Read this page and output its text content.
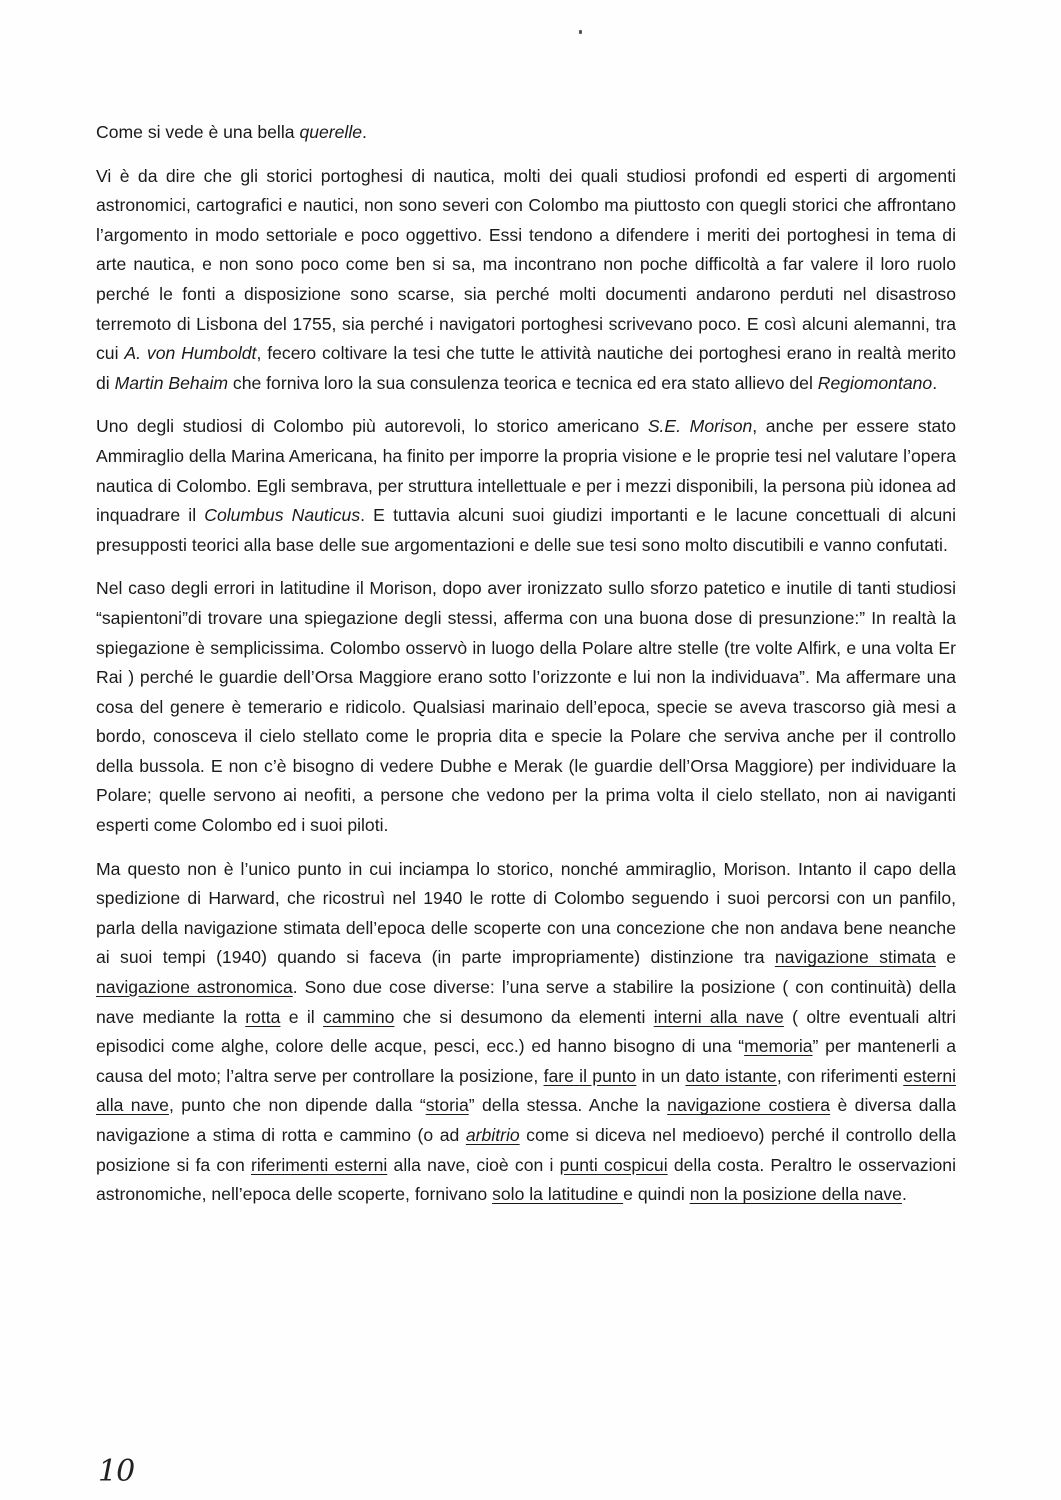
Come si vede è una bella querelle.

Vi è da dire che gli storici portoghesi di nautica, molti dei quali studiosi profondi ed esperti di argomenti astronomici, cartografici e nautici, non sono severi con Colombo ma piuttosto con quegli storici che affrontano l’argomento in modo settoriale e poco oggettivo. Essi tendono a difendere i meriti dei portoghesi in tema di arte nautica, e non sono poco come ben si sa, ma incontrano non poche difficoltà a far valere il loro ruolo perché le fonti a disposizione sono scarse, sia perché molti documenti andarono perduti nel disastroso terremoto di Lisbona del 1755, sia perché i navigatori portoghesi scrivevano poco. E così alcuni alemanni, tra cui A. von Humboldt, fecero coltivare la tesi che tutte le attività nautiche dei portoghesi erano in realtà merito di Martin Behaim che forniva loro la sua consulenza teorica e tecnica ed era stato allievo del Regiomontano.

Uno degli studiosi di Colombo più autorevoli, lo storico americano S.E. Morison, anche per essere stato Ammiraglio della Marina Americana, ha finito per imporre la propria visione e le proprie tesi nel valutare l’opera nautica di Colombo. Egli sembrava, per struttura intellettuale e per i mezzi disponibili, la persona più idonea ad inquadrare il Columbus Nauticus. E tuttavia alcuni suoi giudizi importanti e le lacune concettuali di alcuni presupposti teorici alla base delle sue argomentazioni e delle sue tesi sono molto discutibili e vanno confutati.

Nel caso degli errori in latitudine il Morison, dopo aver ironizzato sullo sforzo patetico e inutile di tanti studiosi “sapientoni”di trovare una spiegazione degli stessi, afferma con una buona dose di presunzione:” In realtà la spiegazione è semplicissima. Colombo osservò in luogo della Polare altre stelle (tre volte Alfirk, e una volta Er Rai ) perché le guardie dell’Orsa Maggiore erano sotto l’orizzonte e lui non la individuava”. Ma affermare una cosa del genere è temerario e ridicolo. Qualsiasi marinaio dell’epoca, specie se aveva trascorso già mesi a bordo, conosceva il cielo stellato come le propria dita e specie la Polare che serviva anche per il controllo della bussola. E non c’è bisogno di vedere Dubhe e Merak (le guardie dell’Orsa Maggiore) per individuare la Polare; quelle servono ai neofiti, a persone che vedono per la prima volta il cielo stellato, non ai naviganti esperti come Colombo ed i suoi piloti.

Ma questo non è l’unico punto in cui inciampa lo storico, nonché ammiraglio, Morison. Intanto il capo della spedizione di Harward, che ricostruì nel 1940 le rotte di Colombo seguendo i suoi percorsi con un panfilo, parla della navigazione stimata dell’epoca delle scoperte con una concezione che non andava bene neanche ai suoi tempi (1940) quando si faceva (in parte impropriamente) distinzione tra navigazione stimata e navigazione astronomica. Sono due cose diverse: l’una serve a stabilire la posizione ( con continuità) della nave mediante la rotta e il cammino che si desumono da elementi interni alla nave ( oltre eventuali altri episodici come alghe, colore delle acque, pesci, ecc.) ed hanno bisogno di una “memoria” per mantenerli a causa del moto; l’altra serve per controllare la posizione, fare il punto in un dato istante, con riferimenti esterni alla nave, punto che non dipende dalla “storia” della stessa. Anche la navigazione costiera è diversa dalla navigazione a stima di rotta e cammino (o ad arbitrio come si diceva nel medioevo) perché il controllo della posizione si fa con riferimenti esterni alla nave, cioè con i punti cospicui della costa. Peraltro le osservazioni astronomiche, nell’epoca delle scoperte, fornivano solo la latitudine e quindi non la posizione della nave.

10
